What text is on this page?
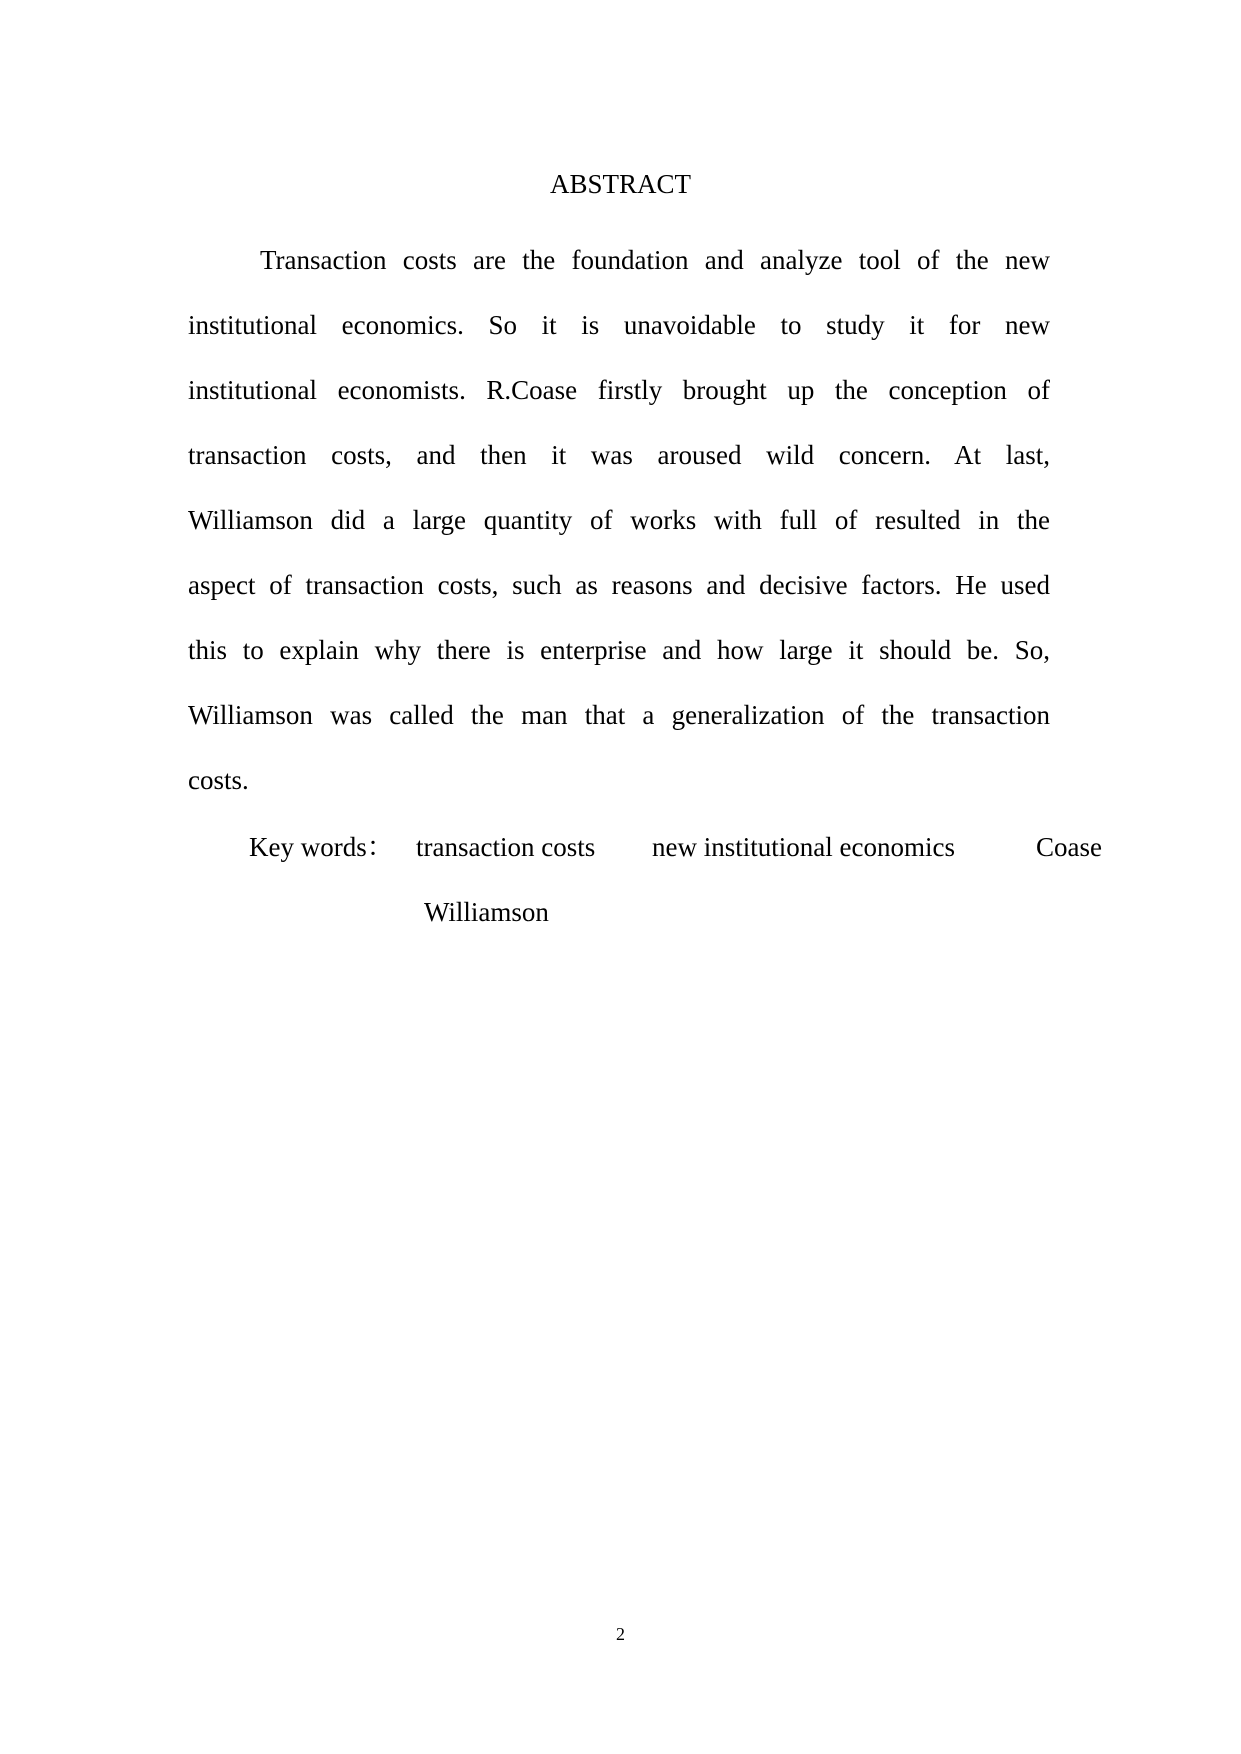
ABSTRACT
Transaction costs are the foundation and analyze tool of the new
institutional economics. So it is unavoidable to study it for new
institutional economists. R.Coase firstly brought up the conception of
transaction costs, and then it was aroused wild concern. At last,
Williamson did a large quantity of works with full of resulted in the
aspect of transaction costs, such as reasons and decisive factors. He used
this to explain why there is enterprise and how large it should be. So,
Williamson was called the man that a generalization of the transaction
costs.
Key words： transaction costs new institutional economics	Coase
Williamson
2
